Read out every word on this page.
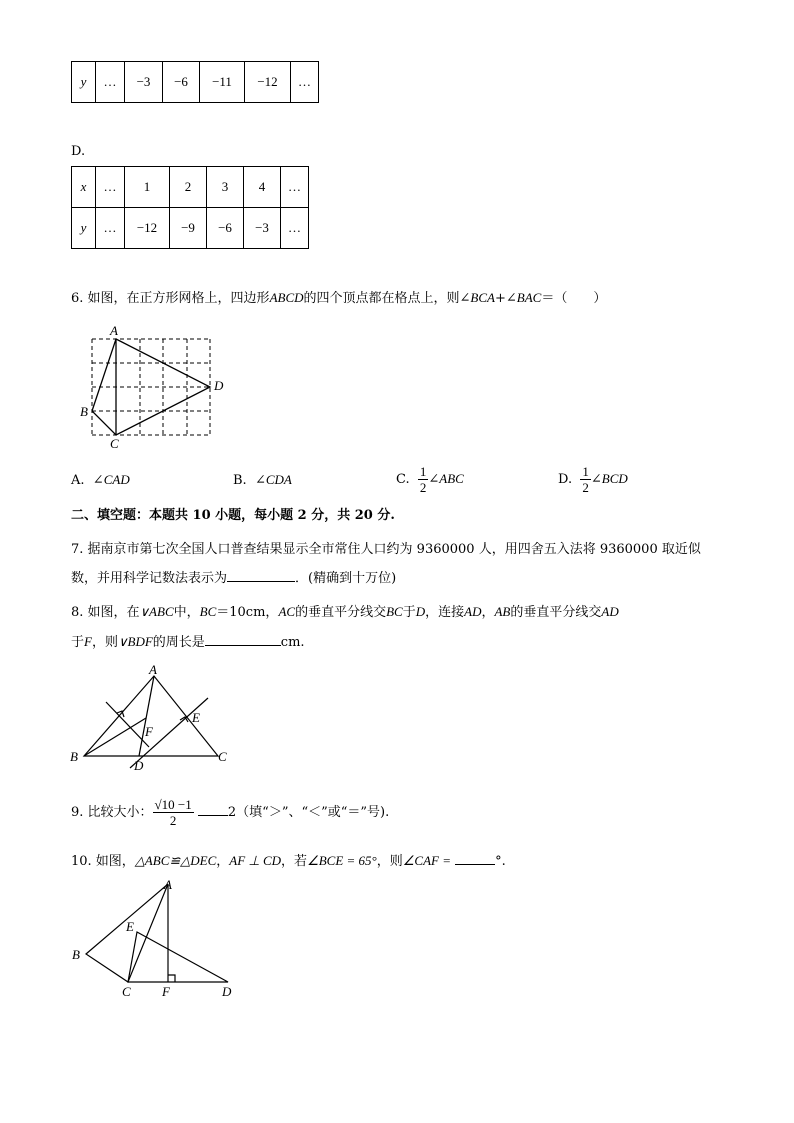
y	…	−3	−6	−11	−12	…
D.
x	…	1	2	3	4	…
y	…	−12	−9	−6	−3	…
6. 如图，在正方形网格上，四边形ABCD的四个顶点都在格点上，则∠BCA+∠BAC＝（　　）
A
B
C
D
A. ∠CAD	B. ∠CDA	C. $\frac{1}{2}$ ∠ABC	D. $\frac{1}{2}$ ∠BCD
二、填空题：本题共 10 小题，每小题 2 分，共 20 分.
7. 据南京市第七次全国人口普查结果显示全市常住人口约为 9360000 人，用四舍五入法将 9360000 取近似
数，并用科学记数法表示为	．(精确到十万位)
8. 如图，在∨ABC中，BC＝10cm，AC的垂直平分线交BC于D，连接AD，AB的垂直平分线交AD
于F，则∨BDF的周长是	cm.
A
B	C
D
E
F
9. 比较大小： $\frac{√10 -1}{2}$	2（填“＞”、“＜”或“＝”号).
10. 如图，△ABC≌△DEC，AF ⊥ CD，若∠BCE = 65°，则∠CAF =	°.
A
B
C	D
E
F
